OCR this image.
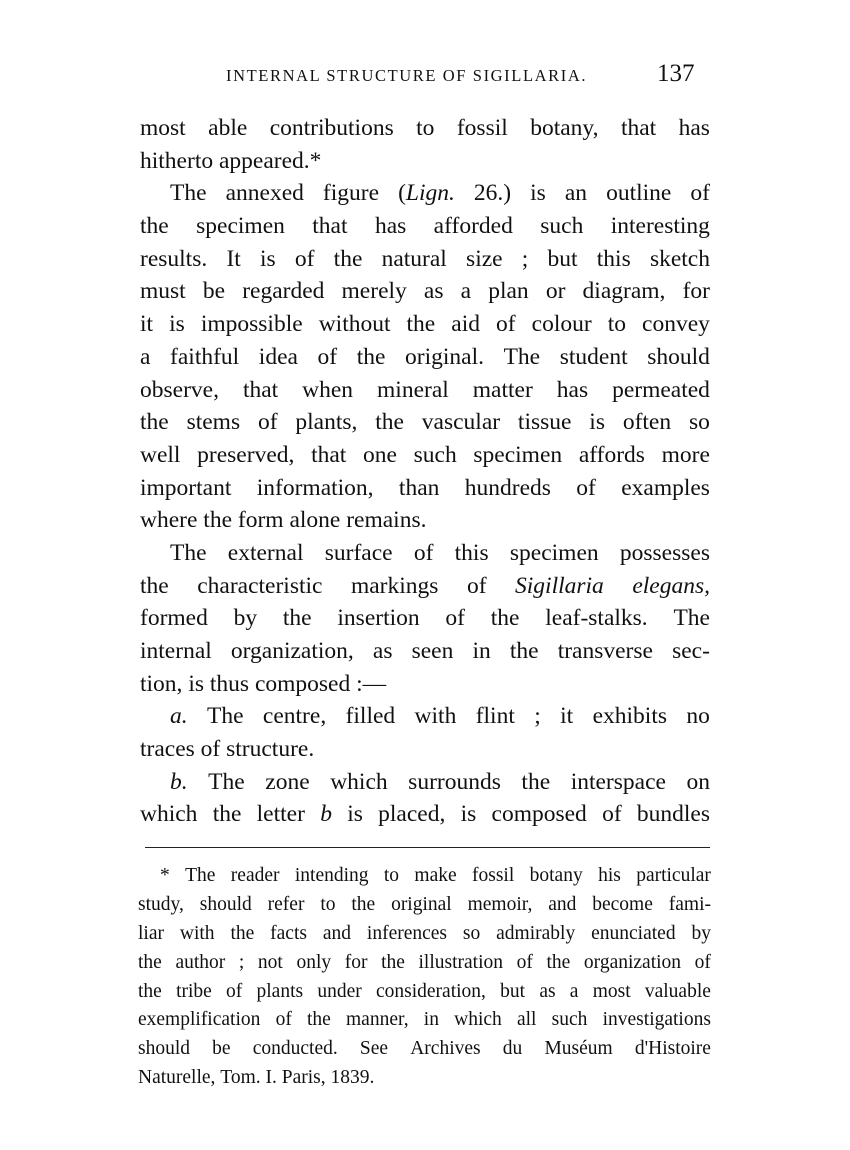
INTERNAL STRUCTURE OF SIGILLARIA.	137
most able contributions to fossil botany, that has
hitherto appeared.*
The annexed figure (Lign. 26.) is an outline of
the specimen that has afforded such interesting
results. It is of the natural size ; but this sketch
must be regarded merely as a plan or diagram, for
it is impossible without the aid of colour to convey
a faithful idea of the original. The student should
observe, that when mineral matter has permeated
the stems of plants, the vascular tissue is often so
well preserved, that one such specimen affords more
important information, than hundreds of examples
where the form alone remains.
The external surface of this specimen possesses
the characteristic markings of Sigillaria elegans,
formed by the insertion of the leaf-stalks. The
internal organization, as seen in the transverse sec-
tion, is thus composed :—
a. The centre, filled with flint ; it exhibits no
traces of structure.
b. The zone which surrounds the interspace on
which the letter b is placed, is composed of bundles
* The reader intending to make fossil botany his particular
study, should refer to the original memoir, and become fami-
liar with the facts and inferences so admirably enunciated by
the author ; not only for the illustration of the organization of
the tribe of plants under consideration, but as a most valuable
exemplification of the manner, in which all such investigations
should be conducted. See Archives du Muséum d'Histoire
Naturelle, Tom. I. Paris, 1839.
